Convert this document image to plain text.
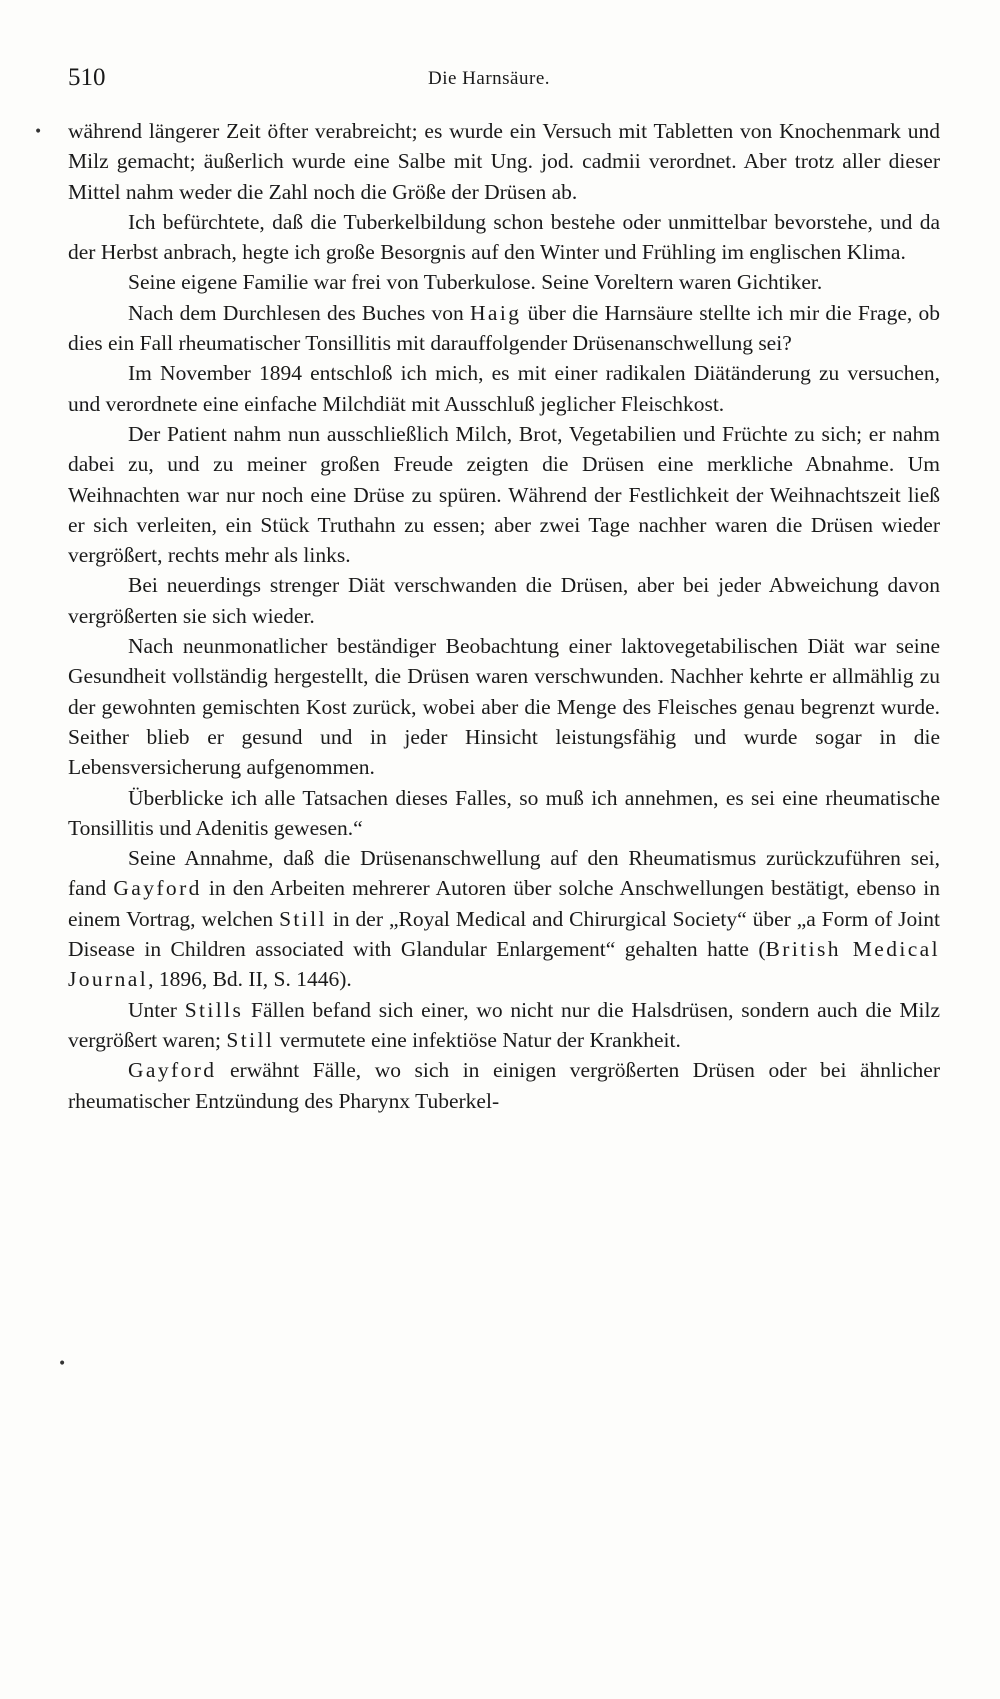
510	Die Harnsäure.
•
•

während längerer Zeit öfter verabreicht; es wurde ein Versuch mit Tabletten von Knochenmark und Milz gemacht; äußerlich wurde eine Salbe mit Ung. jod. cadmii verordnet. Aber trotz aller dieser Mittel nahm weder die Zahl noch die Größe der Drüsen ab.

Ich befürchtete, daß die Tuberkelbildung schon bestehe oder unmittelbar bevorstehe, und da der Herbst anbrach, hegte ich große Besorgnis auf den Winter und Frühling im englischen Klima.

Seine eigene Familie war frei von Tuberkulose. Seine Voreltern waren Gichtiker.

Nach dem Durchlesen des Buches von Haig über die Harnsäure stellte ich mir die Frage, ob dies ein Fall rheumatischer Tonsillitis mit darauffolgender Drüsenanschwellung sei?

Im November 1894 entschloß ich mich, es mit einer radikalen Diätänderung zu versuchen, und verordnete eine einfache Milchdiät mit Ausschluß jeglicher Fleischkost.

Der Patient nahm nun ausschließlich Milch, Brot, Vegetabilien und Früchte zu sich; er nahm dabei zu, und zu meiner großen Freude zeigten die Drüsen eine merkliche Abnahme. Um Weihnachten war nur noch eine Drüse zu spüren. Während der Festlichkeit der Weihnachtszeit ließ er sich verleiten, ein Stück Truthahn zu essen; aber zwei Tage nachher waren die Drüsen wieder vergrößert, rechts mehr als links.

Bei neuerdings strenger Diät verschwanden die Drüsen, aber bei jeder Abweichung davon vergrößerten sie sich wieder.

Nach neunmonatlicher beständiger Beobachtung einer laktovegetabilischen Diät war seine Gesundheit vollständig hergestellt, die Drüsen waren verschwunden. Nachher kehrte er allmählig zu der gewohnten gemischten Kost zurück, wobei aber die Menge des Fleisches genau begrenzt wurde. Seither blieb er gesund und in jeder Hinsicht leistungsfähig und wurde sogar in die Lebensversicherung aufgenommen.

Überblicke ich alle Tatsachen dieses Falles, so muß ich annehmen, es sei eine rheumatische Tonsillitis und Adenitis gewesen.“

Seine Annahme, daß die Drüsenanschwellung auf den Rheumatismus zurückzuführen sei, fand Gayford in den Arbeiten mehrerer Autoren über solche Anschwellungen bestätigt, ebenso in einem Vortrag, welchen Still in der „Royal Medical and Chirurgical Society“ über „a Form of Joint Disease in Children associated with Glandular Enlargement“ gehalten hatte (British Medical Journal, 1896, Bd. II, S. 1446).

Unter Stills Fällen befand sich einer, wo nicht nur die Halsdrüsen, sondern auch die Milz vergrößert waren; Still vermutete eine infektiöse Natur der Krankheit.

Gayford erwähnt Fälle, wo sich in einigen vergrößerten Drüsen oder bei ähnlicher rheumatischer Entzündung des Pharynx Tuberkel-
